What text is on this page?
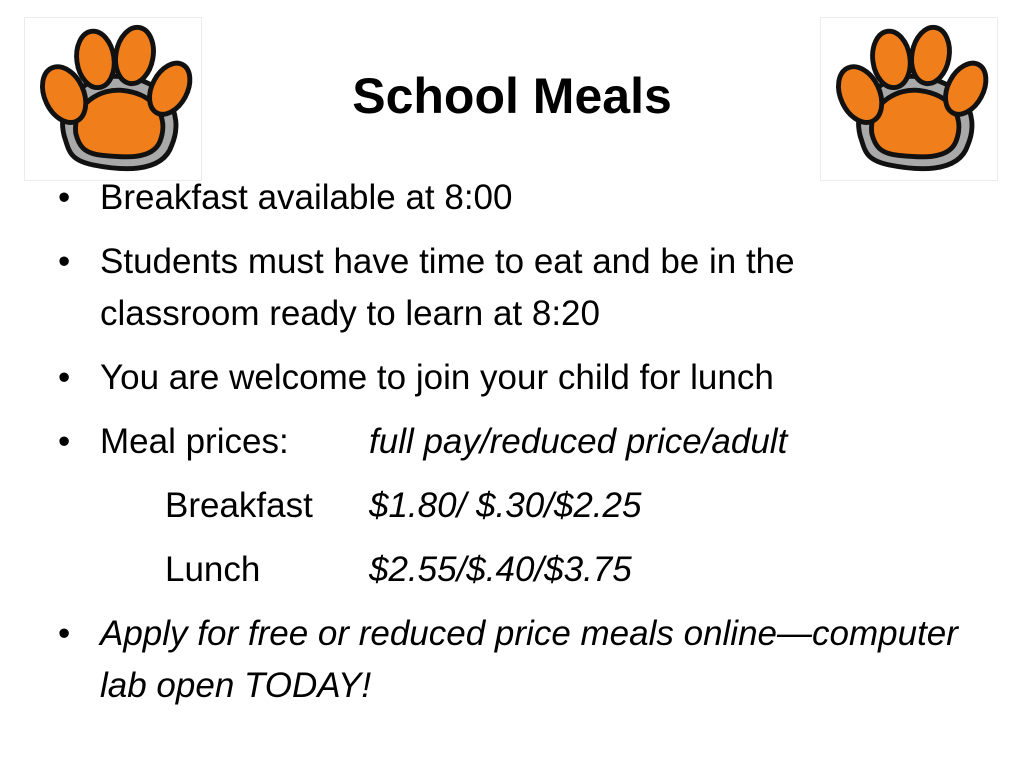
School Meals
• Breakfast available at 8:00
• Students must have time to eat and be in the classroom ready to learn at 8:20
• You are welcome to join your child for lunch
• Meal prices: full pay/reduced price/adult
Breakfast $1.80/ $.30/$2.25
Lunch	$2.55/$.40/$3.75
• Apply for free or reduced price meals online—computer lab open TODAY!
